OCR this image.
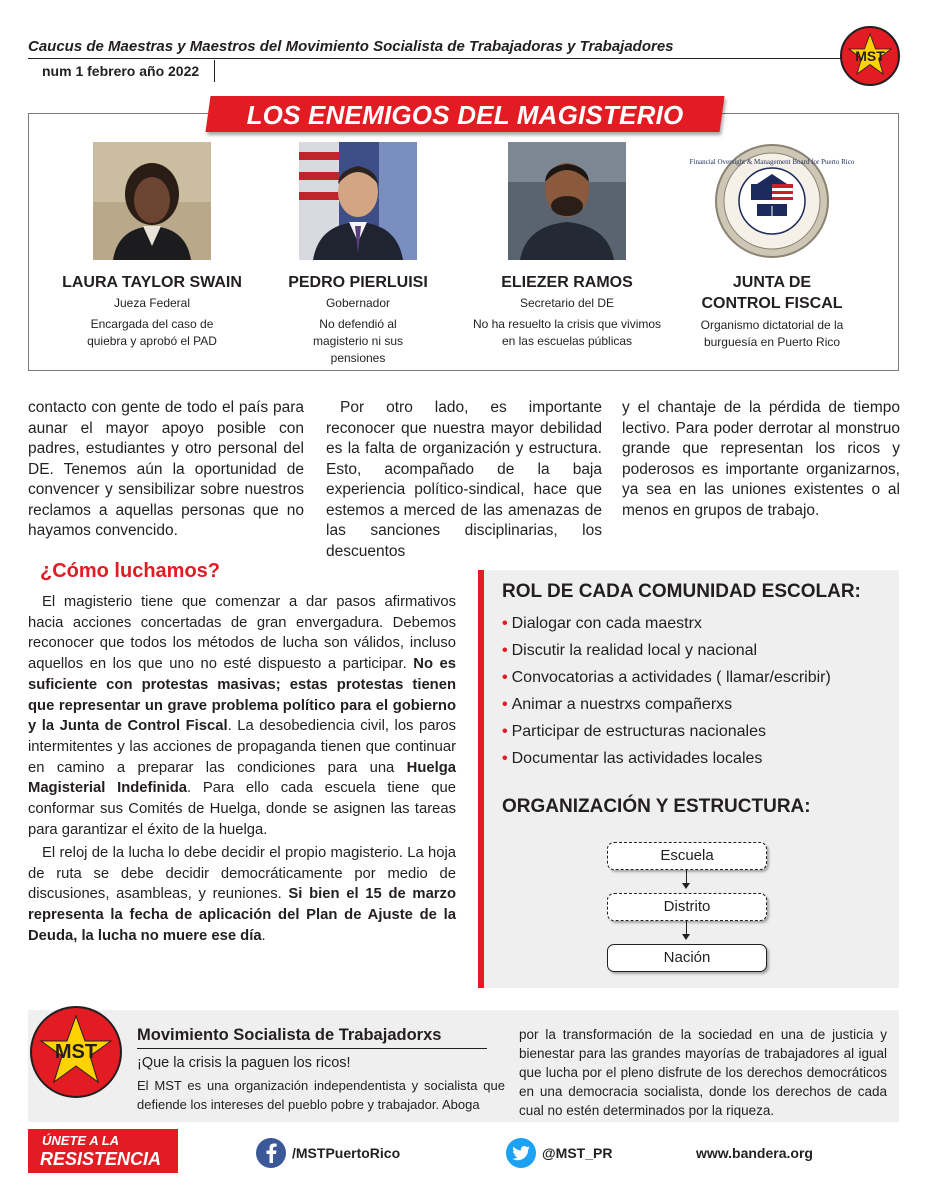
Caucus de Maestras y Maestros del Movimiento Socialista de Trabajadoras y Trabajadores
num 1 febrero año 2022
MST
LOS ENEMIGOS DEL MAGISTERIO
LAURA TAYLOR SWAIN
Jueza Federal
Encargada del caso de quiebra y aprobó el PAD
PEDRO PIERLUISI
Gobernador
No defendió al magisterio ni sus pensiones
ELIEZER RAMOS
Secretario del DE
No ha resuelto la crisis que vivimos en las escuelas públicas
Financial Oversight & Management Board for Puerto Rico
JUNTA DE CONTROL FISCAL
Organismo dictatorial de la burguesía en Puerto Rico
contacto con gente de todo el país para aunar el mayor apoyo posible con padres, estudiantes y otro personal del DE. Tenemos aún la oportunidad de convencer y sensibilizar sobre nuestros reclamos a aquellas personas que no hayamos convencido.
Por otro lado, es importante reconocer que nuestra mayor debilidad es la falta de organización y estructura. Esto, acompañado de la baja experiencia político-sindical, hace que estemos a merced de las amenazas de las sanciones disciplinarias, los descuentos
y el chantaje de la pérdida de tiempo lectivo. Para poder derrotar al monstruo grande que representan los ricos y poderosos es importante organizarnos, ya sea en las uniones existentes o al menos en grupos de trabajo.
¿Cómo luchamos?
El magisterio tiene que comenzar a dar pasos afirmativos hacia acciones concertadas de gran envergadura. Debemos reconocer que todos los métodos de lucha son válidos, incluso aquellos en los que uno no esté dispuesto a participar. No es suficiente con protestas masivas; estas protestas tienen que representar un grave problema político para el gobierno y la Junta de Control Fiscal. La desobediencia civil, los paros intermitentes y las acciones de propaganda tienen que continuar en camino a preparar las condiciones para una Huelga Magisterial Indefinida. Para ello cada escuela tiene que conformar sus Comités de Huelga, donde se asignen las tareas para garantizar el éxito de la huelga.
El reloj de la lucha lo debe decidir el propio magisterio. La hoja de ruta se debe decidir democráticamente por medio de discusiones, asambleas, y reuniones. Si bien el 15 de marzo representa la fecha de aplicación del Plan de Ajuste de la Deuda, la lucha no muere ese día.
ROL DE CADA COMUNIDAD ESCOLAR:
• Dialogar con cada maestrx
• Discutir la realidad local y nacional
• Convocatorias a actividades ( llamar/escribir)
• Animar a nuestrxs compañerxs
• Participar de estructuras nacionales
• Documentar las actividades locales
ORGANIZACIÓN Y ESTRUCTURA:
Escuela
Distrito
Nación
MST
Movimiento Socialista de Trabajadorxs
¡Que la crisis la paguen los ricos!
El MST es una organización independentista y socialista que defiende los intereses del pueblo pobre y trabajador. Aboga
por la transformación de la sociedad en una de justicia y bienestar para las grandes mayorías de trabajadores al igual que lucha por el pleno disfrute de los derechos democráticos en una democracia socialista, donde los derechos de cada cual no estén determinados por la riqueza.
ÚNETE A LA
RESISTENCIA	/MSTPuertoRico	@MST_PR	www.bandera.org
